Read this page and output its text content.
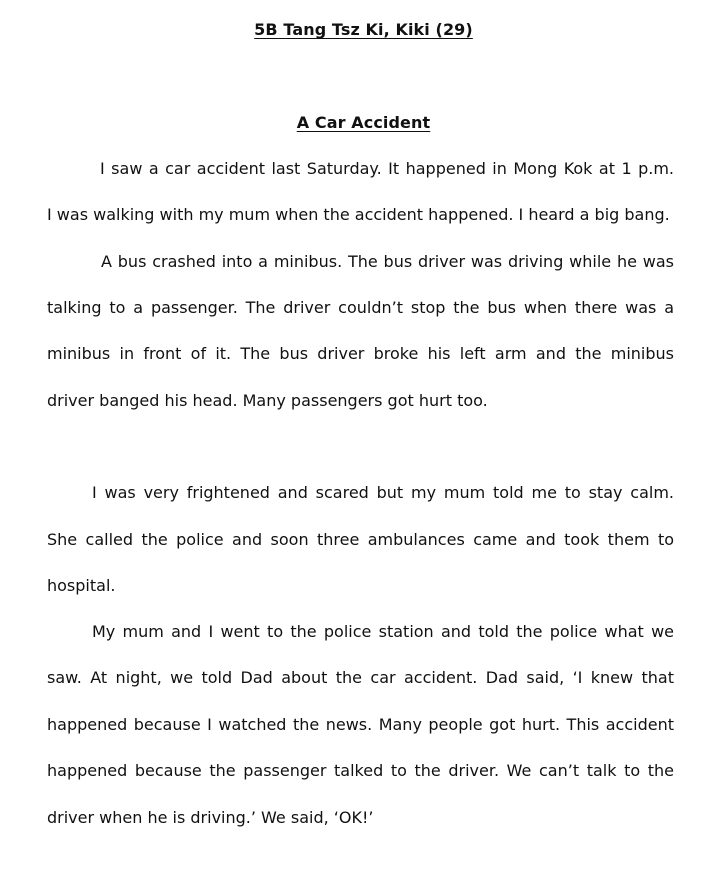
5B Tang Tsz Ki, Kiki (29)
A Car Accident
I saw a car accident last Saturday. It happened in Mong Kok at 1 p.m.
I was walking with my mum when the accident happened. I heard a big bang.
A bus crashed into a minibus. The bus driver was driving while he was
talking to a passenger. The driver couldn’t stop the bus when there was a
minibus in front of it. The bus driver broke his left arm and the minibus
driver banged his head. Many passengers got hurt too.
I was very frightened and scared but my mum told me to stay calm.
She called the police and soon three ambulances came and took them to
hospital.
My mum and I went to the police station and told the police what we
saw. At night, we told Dad about the car accident. Dad said, ‘I knew that
happened because I watched the news. Many people got hurt. This accident
happened because the passenger talked to the driver. We can’t talk to the
driver when he is driving.’ We said, ‘OK!’
